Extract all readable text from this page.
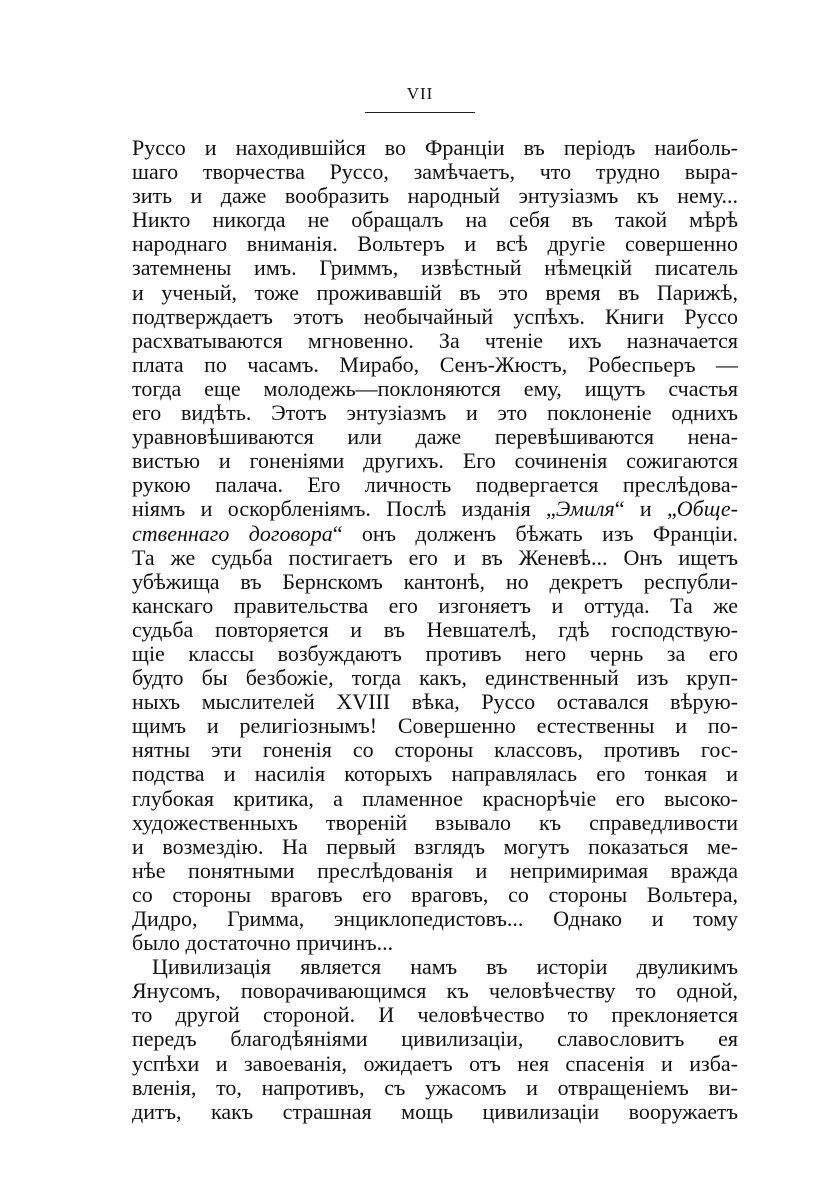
VII
Руссо и находившійся во Франціи въ періодъ наиболь-
шаго творчества Руссо, замѣчаетъ, что трудно выра-
зить и даже вообразить народный энтузіазмъ къ нему...
Никто никогда не обращалъ на себя въ такой мѣрѣ
народнаго вниманія. Вольтеръ и всѣ другіе совершенно
затемнены имъ. Гриммъ, извѣстный нѣмецкій писатель
и ученый, тоже проживавшій въ это время въ Парижѣ,
подтверждаетъ этотъ необычайный успѣхъ. Книги Руссо
расхватываются мгновенно. За чтеніе ихъ назначается
плата по часамъ. Мирабо, Сенъ-Жюстъ, Робеспьеръ —
тогда еще молодежь—поклоняются ему, ищутъ счастья
его видѣть. Этотъ энтузіазмъ и это поклоненіе однихъ
уравновѣшиваются или даже перевѣшиваются нена-
вистью и гоненіями другихъ. Его сочиненія сожигаются
рукою палача. Его личность подвергается преслѣдова-
ніямъ и оскорбленіямъ. Послѣ изданія „Эмиля“ и „Обще-
ственнаго договора“ онъ долженъ бѣжать изъ Франціи.
Та же судьба постигаетъ его и въ Женевѣ... Онъ ищетъ
убѣжища въ Бернскомъ кантонѣ, но декретъ республи-
канскаго правительства его изгоняетъ и оттуда. Та же
судьба повторяется и въ Невшателѣ, гдѣ господствую-
щіе классы возбуждаютъ противъ него чернь за его
будто бы безбожіе, тогда какъ, единственный изъ круп-
ныхъ мыслителей XVIII вѣка, Руссо оставался вѣрую-
щимъ и религіознымъ! Совершенно естественны и по-
нятны эти гоненія со стороны классовъ, противъ гос-
подства и насилія которыхъ направлялась его тонкая и
глубокая критика, а пламенное краснорѣчіе его высоко-
художественныхъ твореній взывало къ справедливости
и возмездію. На первый взглядъ могутъ показаться ме-
нѣе понятными преслѣдованія и непримиримая вражда
со стороны враговъ его враговъ, со стороны Вольтера,
Дидро, Гримма, энциклопедистовъ... Однако и тому
было достаточно причинъ...
Цивилизація является намъ въ исторіи двуликимъ
Янусомъ, поворачивающимся къ человѣчеству то одной,
то другой стороной. И человѣчество то преклоняется
передъ благодѣяніями цивилизаціи, славословитъ ея
успѣхи и завоеванія, ожидаетъ отъ нея спасенія и изба-
вленія, то, напротивъ, съ ужасомъ и отвращеніемъ ви-
дитъ, какъ страшная мощь цивилизаціи вооружаетъ
